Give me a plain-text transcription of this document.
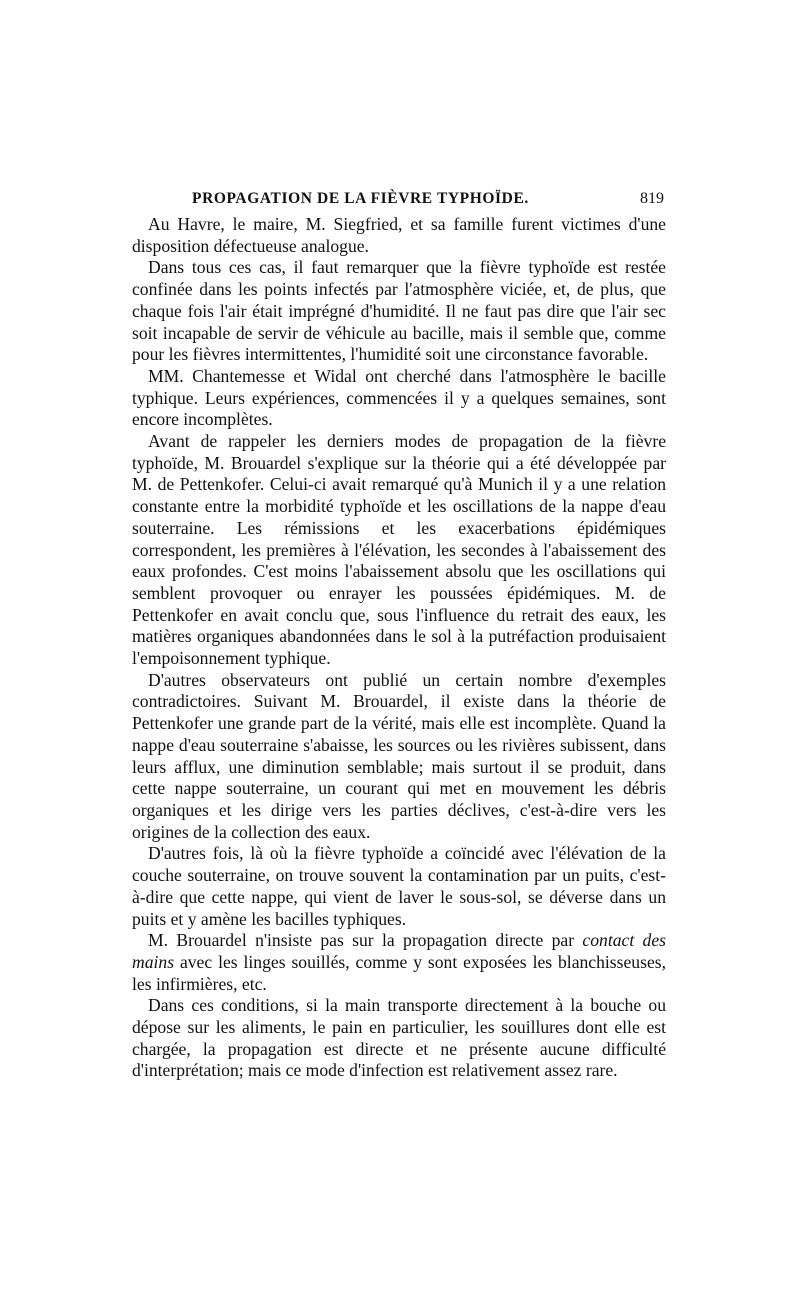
PROPAGATION DE LA FIÈVRE TYPHOÏDE.	819

Au Havre, le maire, M. Siegfried, et sa famille furent victimes d'une disposition défectueuse analogue.

Dans tous ces cas, il faut remarquer que la fièvre typhoïde est restée confinée dans les points infectés par l'atmosphère viciée, et, de plus, que chaque fois l'air était imprégné d'humidité. Il ne faut pas dire que l'air sec soit incapable de servir de véhicule au bacille, mais il semble que, comme pour les fièvres intermittentes, l'humidité soit une circonstance favorable.

MM. Chantemesse et Widal ont cherché dans l'atmosphère le bacille typhique. Leurs expériences, commencées il y a quelques semaines, sont encore incomplètes.

Avant de rappeler les derniers modes de propagation de la fièvre typhoïde, M. Brouardel s'explique sur la théorie qui a été développée par M. de Pettenkofer. Celui-ci avait remarqué qu'à Munich il y a une relation constante entre la morbidité typhoïde et les oscillations de la nappe d'eau souterraine. Les rémissions et les exacerbations épidémiques correspondent, les premières à l'élévation, les secondes à l'abaissement des eaux profondes. C'est moins l'abaissement absolu que les oscillations qui semblent provoquer ou enrayer les poussées épidémiques. M. de Pettenkofer en avait conclu que, sous l'influence du retrait des eaux, les matières organiques abandonnées dans le sol à la putréfaction produisaient l'empoisonnement typhique.

D'autres observateurs ont publié un certain nombre d'exemples contradictoires. Suivant M. Brouardel, il existe dans la théorie de Pettenkofer une grande part de la vérité, mais elle est incomplète. Quand la nappe d'eau souterraine s'abaisse, les sources ou les rivières subissent, dans leurs afflux, une diminution semblable; mais surtout il se produit, dans cette nappe souterraine, un courant qui met en mouvement les débris organiques et les dirige vers les parties déclives, c'est-à-dire vers les origines de la collection des eaux.

D'autres fois, là où la fièvre typhoïde a coïncidé avec l'élévation de la couche souterraine, on trouve souvent la contamination par un puits, c'est-à-dire que cette nappe, qui vient de laver le sous-sol, se déverse dans un puits et y amène les bacilles typhiques.

M. Brouardel n'insiste pas sur la propagation directe par contact des mains avec les linges souillés, comme y sont exposées les blanchisseuses, les infirmières, etc.

Dans ces conditions, si la main transporte directement à la bouche ou dépose sur les aliments, le pain en particulier, les souillures dont elle est chargée, la propagation est directe et ne présente aucune difficulté d'interprétation; mais ce mode d'infection est relativement assez rare.
